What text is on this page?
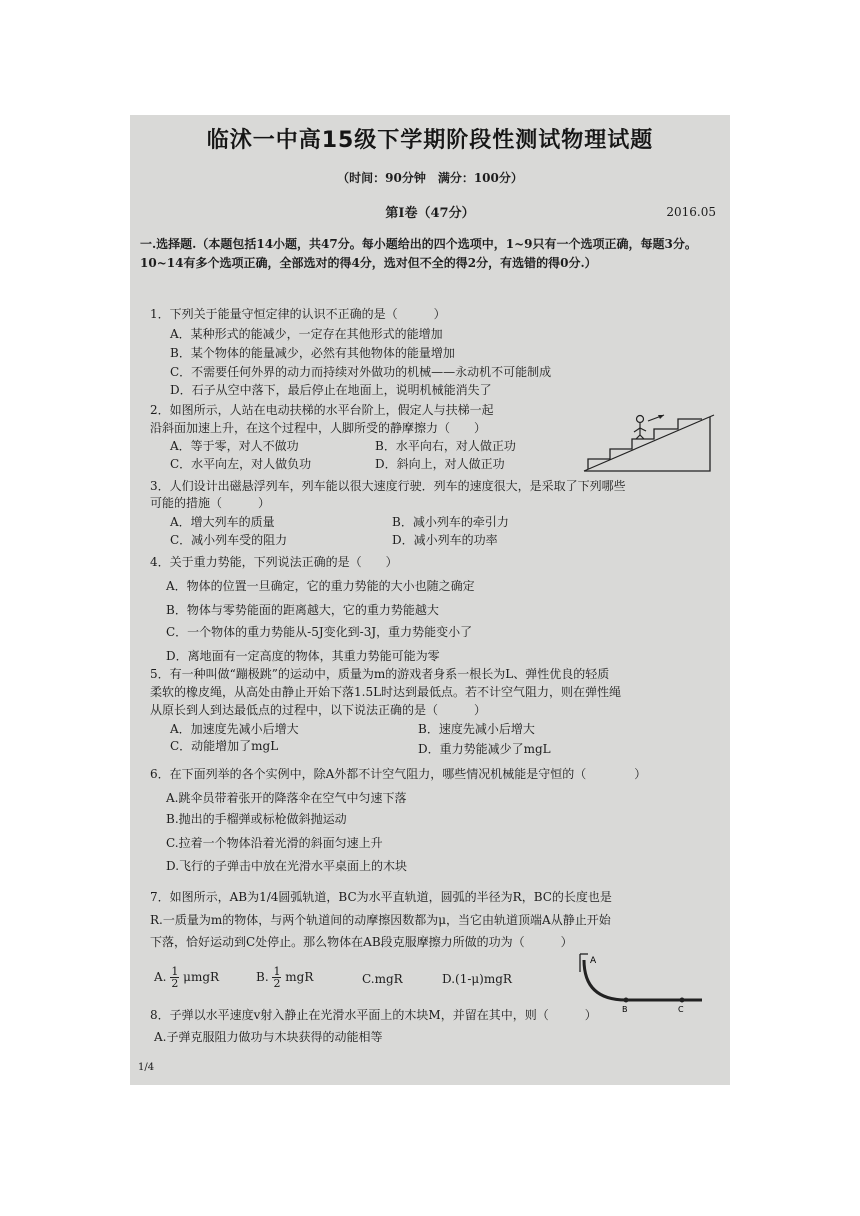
临沭一中高15级下学期阶段性测试物理试题
（时间：90分钟　满分：100分）
第Ⅰ卷（47分）	2016.05
一.选择题.（本题包括14小题，共47分。每小题给出的四个选项中，1~9只有一个选项正确，每题3分。10~14有多个选项正确，全部选对的得4分，选对但不全的得2分，有选错的得0分.）
1．下列关于能量守恒定律的认识不正确的是（　　　）
A．某种形式的能减少，一定存在其他形式的能增加
B．某个物体的能量减少，必然有其他物体的能量增加
C．不需要任何外界的动力而持续对外做功的机械——永动机不可能制成
D．石子从空中落下，最后停止在地面上，说明机械能消失了
2．如图所示，人站在电动扶梯的水平台阶上，假定人与扶梯一起
沿斜面加速上升，在这个过程中，人脚所受的静摩擦力（　　）
A．等于零，对人不做功	B．水平向右，对人做正功
C．水平向左，对人做负功	D．斜向上，对人做正功
3．人们设计出磁悬浮列车，列车能以很大速度行驶．列车的速度很大，是采取了下列哪些
可能的措施（　　　）
A．增大列车的质量	B．减小列车的牵引力
C．减小列车受的阻力	D．减小列车的功率
4．关于重力势能，下列说法正确的是（　　）
A．物体的位置一旦确定，它的重力势能的大小也随之确定
B．物体与零势能面的距离越大，它的重力势能越大
C．一个物体的重力势能从-5J变化到-3J，重力势能变小了
D．离地面有一定高度的物体，其重力势能可能为零
5．有一种叫做“蹦极跳”的运动中，质量为m的游戏者身系一根长为L、弹性优良的轻质
柔软的橡皮绳，从高处由静止开始下落1.5L时达到最低点。若不计空气阻力，则在弹性绳
从原长到人到达最低点的过程中，以下说法正确的是（　　　）
A．加速度先减小后增大	B．速度先减小后增大
C．动能增加了mgL	D．重力势能减少了mgL
6．在下面列举的各个实例中，除A外都不计空气阻力，哪些情况机械能是守恒的（　　　　）
A.跳伞员带着张开的降落伞在空气中匀速下落
B.抛出的手榴弹或标枪做斜抛运动
C.拉着一个物体沿着光滑的斜面匀速上升
D.飞行的子弹击中放在光滑水平桌面上的木块
7．如图所示，AB为1/4圆弧轨道，BC为水平直轨道，圆弧的半径为R，BC的长度也是
R.一质量为m的物体，与两个轨道间的动摩擦因数都为μ，当它由轨道顶端A从静止开始
下落，恰好运动到C处停止。那么物体在AB段克服摩擦力所做的功为（　　　）
A. $\frac{1}{2}$ μmgR	B. $\frac{1}{2}$ mgR	C.mgR	D.(1-μ)mgR
A
B	C
8．子弹以水平速度v射入静止在光滑水平面上的木块M，并留在其中，则（　　　）
A.子弹克服阻力做功与木块获得的动能相等
1/4
